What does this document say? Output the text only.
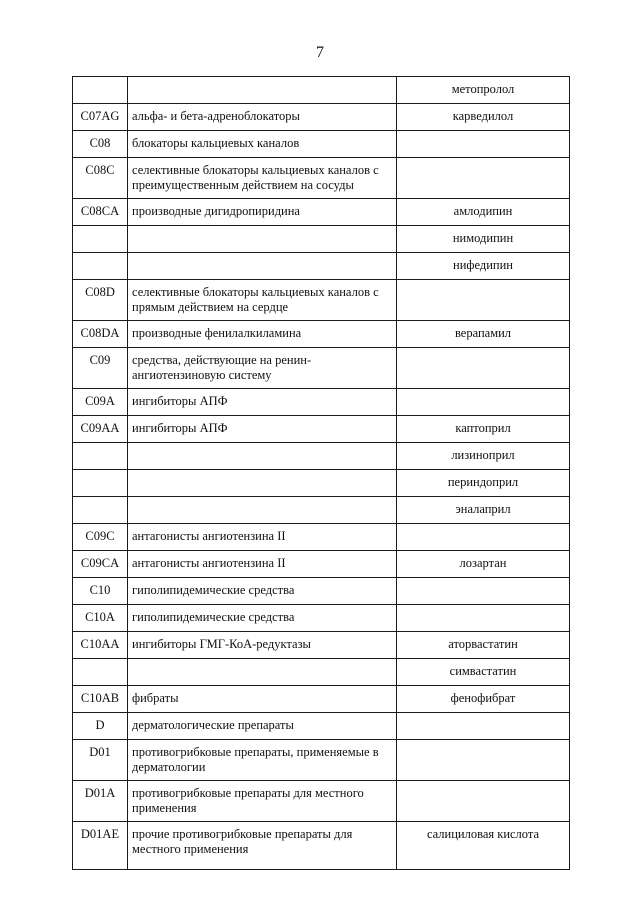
7
		метопролол
C07AG	альфа- и бета-адреноблокаторы	карведилол
C08	блокаторы кальциевых каналов	
C08C	селективные блокаторы кальциевых каналов с преимущественным действием на сосуды	
C08CA	производные дигидропиридина	амлодипин
		нимодипин
		нифедипин
C08D	селективные блокаторы кальциевых каналов с прямым действием на сердце	
C08DA	производные фенилалкиламина	верапамил
C09	средства, действующие на ренин-ангиотензиновую систему	
C09A	ингибиторы АПФ	
C09AA	ингибиторы АПФ	каптоприл
		лизиноприл
		периндоприл
		эналаприл
C09C	антагонисты ангиотензина II	
C09CA	антагонисты ангиотензина II	лозартан
C10	гиполипидемические средства	
C10A	гиполипидемические средства	
C10AA	ингибиторы ГМГ-КоА-редуктазы	аторвастатин
		симвастатин
C10AB	фибраты	фенофибрат
D	дерматологические препараты	
D01	противогрибковые препараты, применяемые в дерматологии	
D01A	противогрибковые препараты для местного применения	
D01AE	прочие противогрибковые препараты для местного применения	салициловая кислота
